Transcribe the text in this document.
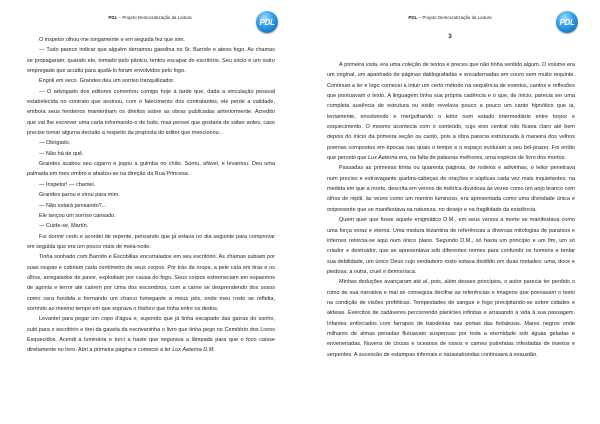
PDL – Projeto Democratização da Leitura	PDL

O inspetor olhou-me longamente e em seguida fez que sim.

— Tudo parece indicar que alguém derramou gasolina no Sr. Barrido e ateou fogo. As chamas se propagaram, quando ele, tomado pelo pânico, tentou escapar do escritório. Seu sócio e um outro empregado que acudiu para ajudá-lo foram envolvidos pelo fogo.

Engoli em seco. Grandes deu um sorriso tranquilizador.

— O advogado dos editores comentou comigo hoje à tarde que, dada a vinculação pessoal estabelecida no contrato que assinou, com o falecimento dos contratantes, ele perde a validade, embora seus herdeiros mantenham os direitos sobre as obras publicadas anteriormente. Acredito que vai lhe escrever uma carta informando-o de tudo, mas pensei que gostaria de saber antes, caso precise tomar alguma decisão a respeito da proposta do editor que mencionou.

— Obrigado.

— Não há de quê.

Grandes acabou seu cigarro e jogou a guimba no chão. Sorriu, afável, e levantou. Deu uma palmada em meu ombro e afastou-se na direção da Rua Princesa.

— Inspetor! — chamei.

Grandes parou e virou para mim.

— Não estará pensando?...

Ele lançou um sorriso cansado.

— Cuide-se, Martín.

Fui dormir cedo e acordei de repente, pensando que já estava no dia seguinte para comprovar em seguida que era um pouco mais de meia-noite.

Tinha sonhado com Barrido e Escobillas encurralados em seu escritório. As chamas subiam por suas roupas e cobriam cada centímetro de seus corpos. Por trás da roupa, a pele caía em tiras e os olhos, arregalados de pavor, explodiam por causa do fogo. Seus corpos estremeciam em espasmos de agonia e terror até caírem por cima dos escombros, com a carne se desprendendo dos ossos como cera fundida e formando um charco fumegante a meus pés, onde meu rosto se refletia, sorrindo ao mesmo tempo em que soprava o fósforo que tinha entre os dedos.

Levantei para pegar um copo d'água e, supondo que já tinha escapado das garras do sonho, subi para o escritório e tirei da gaveta da escrivaninha o livro que tinha pego no Cemitério dos Livros Esquecidos. Acendi a luminária e torci a haste que segurava a lâmpada para que o foco caísse diretamente no livro. Abri a primeira página e comecei a ler Lux Aeterna D.M.

PDL – Projeto Democratização da Leitura	PDL
3

À primeira vista, era uma coleção de textos e preces que não tinha sentido algum. O volume era um original, um apanhado de páginas datilografadas e encadernadas em couro sem muito requinte. Continuei a ler e logo comecei a intuir um certo método na sequência de eventos, cantos e reflexões que pontuavam o texto. A linguagem tinha sua própria cadência e o que, de início, parecia ser uma completa ausência de estrutura ou estilo revelava pouco a pouco um canto hipnótico que ia, lentamente, envolvendo e mergulhando o leitor num estado intermediário entre torpor e esquecimento. O mesmo acontecia com o conteúdo, cujo eixo central não ficava claro até bem depois do início da primeira seção ou canto, pois a obra parecia estruturada à maneira dos velhos poemas compostos em épocas nas quais o tempo e o espaço evoluíam a seu bel-prazer. Foi então que percebi que Lux Aeterna era, na falta de palavras melhores, uma espécie de livro dos mortos.

Passadas as primeiras trinta ou quarenta páginas, de rodeios e adivinhas, o leitor penetrava num preciso e extravagante quebra-cabeças de orações e súplicas cada vez mais inquietantes, na medida em que a morte, descrita em versos de métrica duvidosa às vezes como um anjo branco com olhos de réptil, às vezes como um menino luminoso, era apresentada como uma divindade única e onipresente que se manifestava na natureza, no desejo e na fragilidade da existência.

Quem quer que fosse aquele enigmático D.M., em seus versos a morte se manifestava como uma força voraz e eterna. Uma mistura bizantina de referências a diversas mitologias de paraísos e infernos retorcia-se aqui num único plano. Segundo D.M., só havia um princípio e um fim, um só criador e destruidor, que se apresentava sob diferentes nomes para confundir os homens e tentar sua debilidade, um único Deus cujo verdadeiro rosto estava dividido em duas metades: uma, doce e piedosa; a outra, cruel e demoníaca.

Minhas deduções avançaram até aí, pois, além desses princípios, o autor parecia ter perdido o rumo de sua narrativa e mal se conseguia decifrar as referências e imagens que povoavam o texto na condição de visões proféticas. Tempestades de sangue e fogo precipitando-se sobre cidades e aldeias. Exércitos de cadáveres percorrendo planícies infinitas e arrasando a vida à sua passagem. Infantes enforcados com farrapos de bandeiras nas portas das fortalezas. Mares negros onde milhares de almas penadas flutuavam suspensas por toda a eternidade sob águas geladas e envenenadas. Nuvens de cinzas e oceanos de ossos e carnes putrefatas infestadas de insetos e serpentes. A sucessão de estampas infernais e nauseabundas continuava à exaustão.
